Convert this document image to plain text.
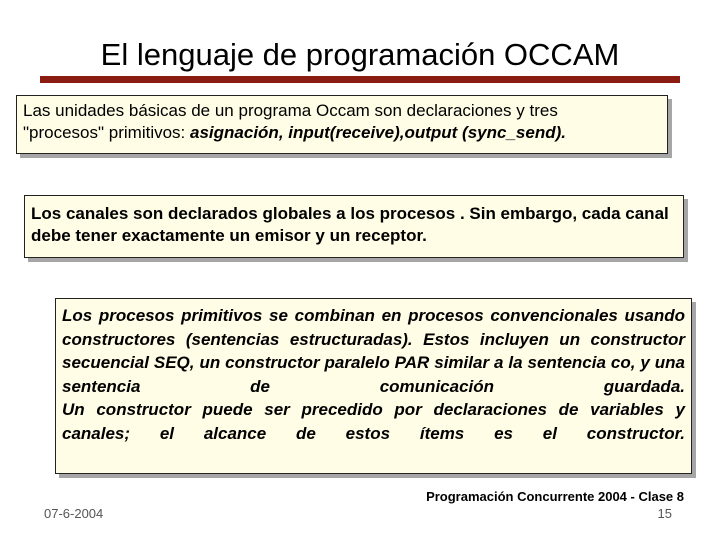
El lenguaje de programación OCCAM
Las unidades básicas de un programa Occam son declaraciones y tres
"procesos" primitivos: asignación, input(receive),output (sync_send).
Los canales son declarados globales a los procesos . Sin embargo, cada canal debe tener exactamente un emisor y un receptor.

Los procesos primitivos se combinan en procesos convencionales usando constructores (sentencias estructuradas). Estos incluyen un constructor secuencial SEQ, un constructor paralelo PAR similar a la sentencia co, y una sentencia de comunicación guardada.

Un constructor puede ser precedido por declaraciones de variables y canales; el alcance de estos ítems es el constructor.

07-6-2004
Programación Concurrente 2004 - Clase 8
15
